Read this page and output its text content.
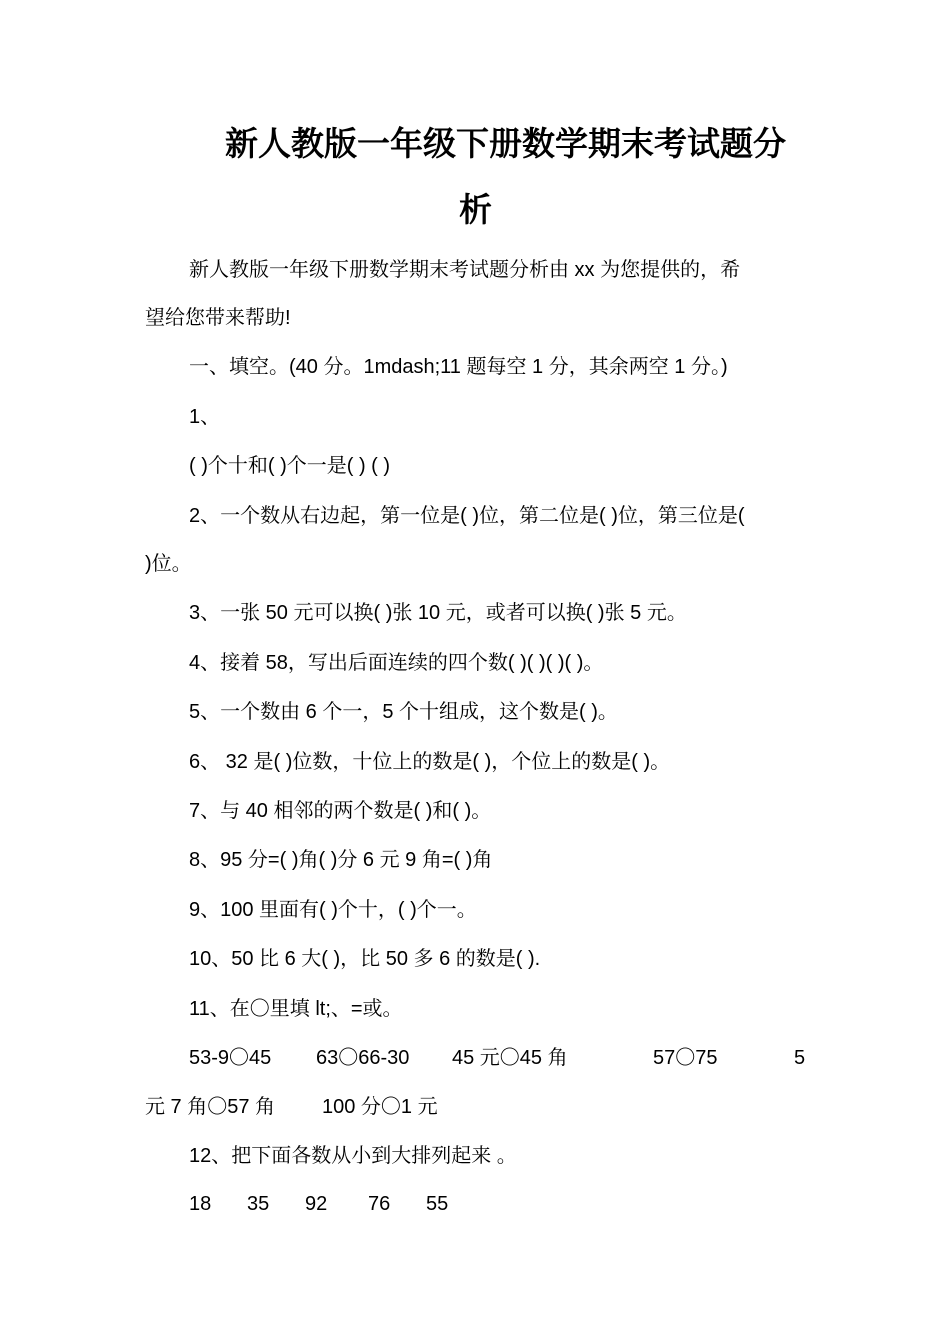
新人教版一年级下册数学期末考试题分
析
新人教版一年级下册数学期末考试题分析由 xx 为您提供的，希
望给您带来帮助!
一、填空。(40 分。1mdash;11 题每空 1 分，其余两空 1 分。)
1、
( )个十和( )个一是( ) ( )
2、一个数从右边起，第一位是( )位，第二位是( )位，第三位是(
)位。
3、一张 50 元可以换( )张 10 元，或者可以换( )张 5 元。
4、接着 58，写出后面连续的四个数( )( )( )( )。
5、一个数由 6 个一，5 个十组成，这个数是( )。
6、 32 是( )位数，十位上的数是( )，个位上的数是( )。
7、与 40 相邻的两个数是( )和( )。
8、95 分=( )角( )分 6 元 9 角=( )角
9、100 里面有( )个十，( )个一。
10、50 比 6 大( )，比 50 多 6 的数是( ).
11、在〇里填 lt;、=或。
53-9〇45 63〇66-30 45 元〇45 角	57〇75	5
元 7 角〇57 角 100 分〇1 元
12、把下面各数从小到大排列起来 。
18 35 92 76 55
